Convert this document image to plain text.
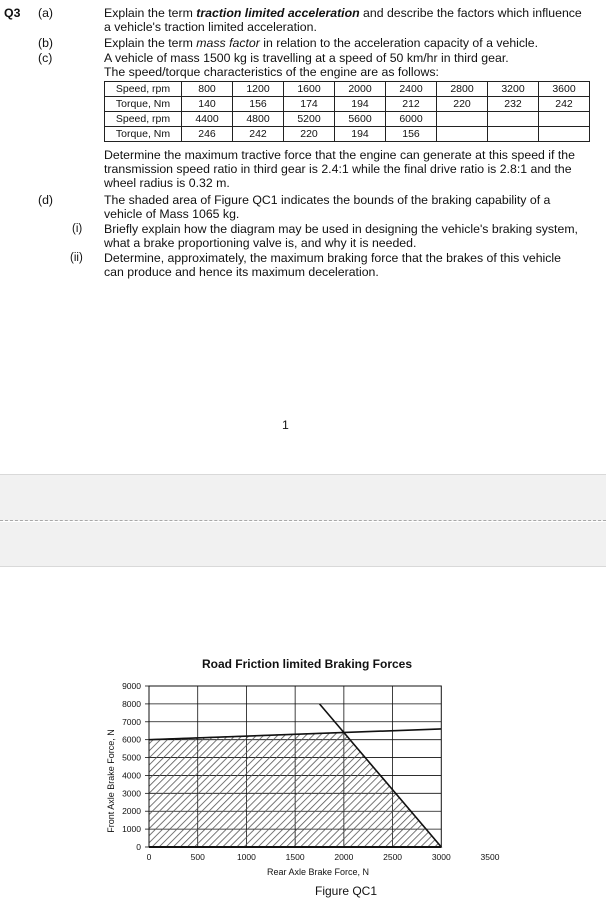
Q3 (a)	Explain the term traction limited acceleration and describe the factors which influence
a vehicle's traction limited acceleration.
(b)	Explain the term mass factor in relation to the acceleration capacity of a vehicle.
(c)	A vehicle of mass 1500 kg is travelling at a speed of 50 km/hr in third gear.
The speed/torque characteristics of the engine are as follows:
Speed, rpm	800	1200	1600	2000	2400	2800	3200	3600
Torque, Nm	140	156	174	194	212	220	232	242
Speed, rpm	4400	4800	5200	5600	6000			
Torque, Nm	246	242	220	194	156			
Determine the maximum tractive force that the engine can generate at this speed if the
transmission speed ratio in third gear is 2.4:1 while the final drive ratio is 2.8:1 and the
wheel radius is 0.32 m.
(d)	The shaded area of Figure QC1 indicates the bounds of the braking capability of a
vehicle of Mass 1065 kg.
(i) Briefly explain how the diagram may be used in designing the vehicle's braking system,
what a brake proportioning valve is, and why it is needed.
(ii) Determine, approximately, the maximum braking force that the brakes of this vehicle
can produce and hence its maximum deceleration.
1
Road Friction limited Braking Forces
0	500	1000	1500	2000	2500	3000	3500
0
1000
2000
3000
4000
5000
6000
7000
8000
9000
Rear Axle Brake Force, N
Front Axle Brake Force, N
Figure QC1
